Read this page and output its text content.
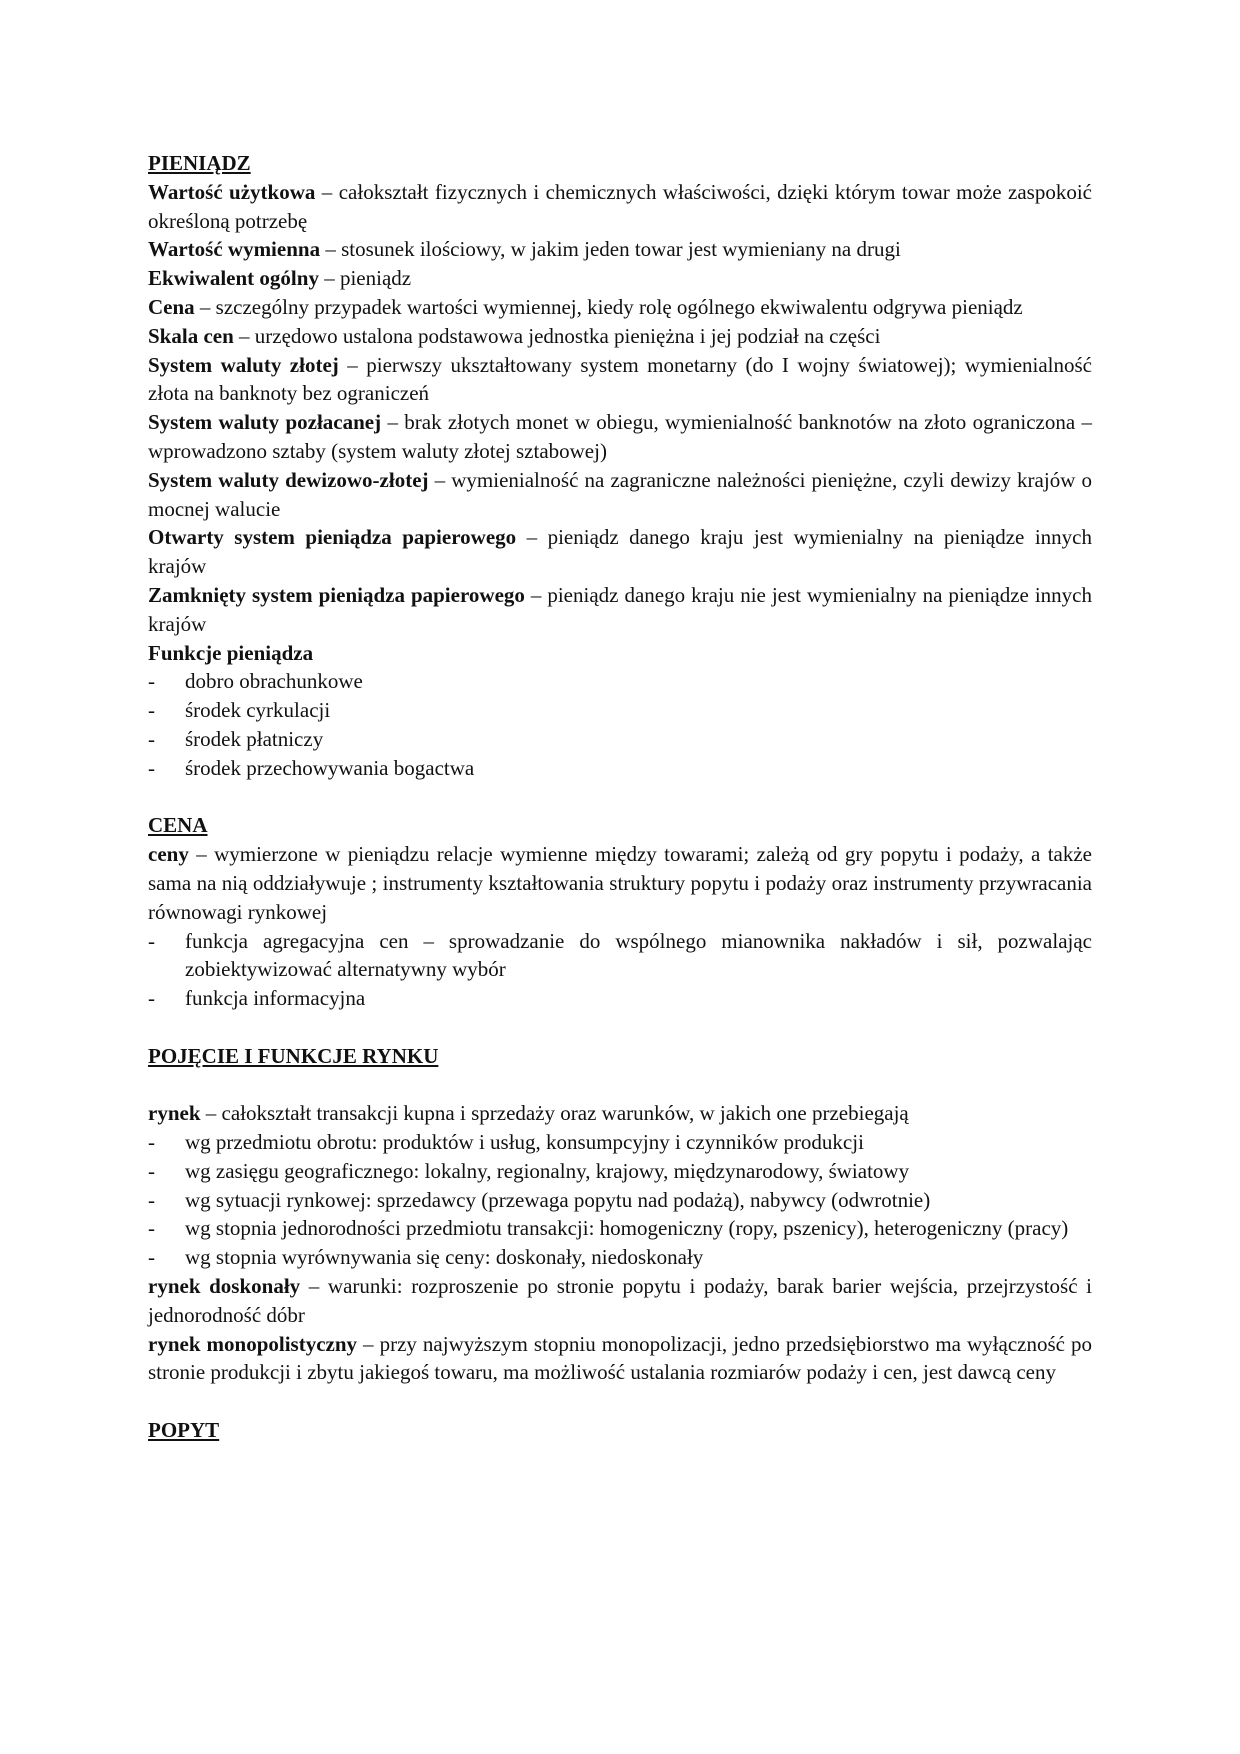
PIENIĄDZ

Wartość użytkowa – całokształt fizycznych i chemicznych właściwości, dzięki którym towar może zaspokoić określoną potrzebę

Wartość wymienna – stosunek ilościowy, w jakim jeden towar jest wymieniany na drugi

Ekwiwalent ogólny – pieniądz

Cena – szczególny przypadek wartości wymiennej, kiedy rolę ogólnego ekwiwalentu odgrywa pieniądz

Skala cen – urzędowo ustalona podstawowa jednostka pieniężna i jej podział na części

System waluty złotej – pierwszy ukształtowany system monetarny (do I wojny światowej); wymienialność złota na banknoty bez ograniczeń

System waluty pozłacanej – brak złotych monet w obiegu, wymienialność banknotów na złoto ograniczona – wprowadzono sztaby (system waluty złotej sztabowej)

System waluty dewizowo-złotej – wymienialność na zagraniczne należności pieniężne, czyli dewizy krajów o mocnej walucie

Otwarty system pieniądza papierowego – pieniądz danego kraju jest wymienialny na pieniądze innych krajów

Zamknięty system pieniądza papierowego – pieniądz danego kraju nie jest wymienialny na pieniądze innych krajów

Funkcje pieniądza

- dobro obrachunkowe
- środek cyrkulacji
- środek płatniczy
- środek przechowywania bogactwa

CENA

ceny – wymierzone w pieniądzu relacje wymienne między towarami; zależą od gry popytu i podaży, a także sama na nią oddziaływuje ; instrumenty kształtowania struktury popytu i podaży oraz instrumenty przywracania równowagi rynkowej

- funkcja agregacyjna cen – sprowadzanie do wspólnego mianownika nakładów i sił, pozwalając zobiektywizować alternatywny wybór
- funkcja informacyjna

POJĘCIE I FUNKCJE RYNKU

rynek – całokształt transakcji kupna i sprzedaży oraz warunków, w jakich one przebiegają

- wg przedmiotu obrotu: produktów i usług, konsumpcyjny i czynników produkcji
- wg zasięgu geograficznego: lokalny, regionalny, krajowy, międzynarodowy, światowy
- wg sytuacji rynkowej: sprzedawcy (przewaga popytu nad podażą), nabywcy (odwrotnie)
- wg stopnia jednorodności przedmiotu transakcji: homogeniczny (ropy, pszenicy), heterogeniczny (pracy)
- wg stopnia wyrównywania się ceny: doskonały, niedoskonały

rynek doskonały – warunki: rozproszenie po stronie popytu i podaży, barak barier wejścia, przejrzystość i jednorodność dóbr

rynek monopolistyczny – przy najwyższym stopniu monopolizacji, jedno przedsiębiorstwo ma wyłączność po stronie produkcji i zbytu jakiegoś towaru, ma możliwość ustalania rozmiarów podaży i cen, jest dawcą ceny

POPYT
